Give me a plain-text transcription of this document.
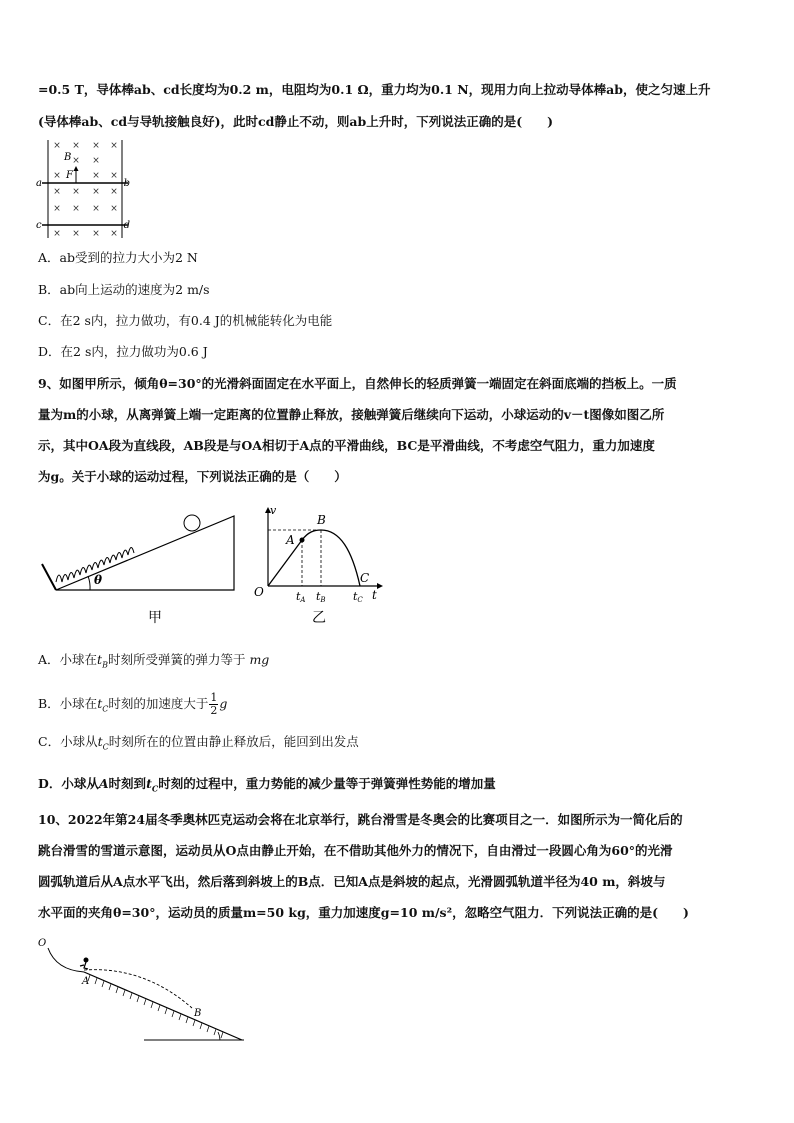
=0.5 T，导体棒ab、cd长度均为0.2 m，电阻均为0.1 Ω，重力均为0.1 N，现用力向上拉动导体棒ab，使之匀速上升
(导体棒ab、cd与导轨接触良好)，此时cd静止不动，则ab上升时，下列说法正确的是(　　)
× × × ×
× ×
×	× ×
× × × ×
× × × ×
× × × ×
B
F
a	b
c	d
A．ab受到的拉力大小为2 N
B．ab向上运动的速度为2 m/s
C．在2 s内，拉力做功，有0.4 J的机械能转化为电能
D．在2 s内，拉力做功为0.6 J
9、如图甲所示，倾角θ=30°的光滑斜面固定在水平面上，自然伸长的轻质弹簧一端固定在斜面底端的挡板上。一质
量为m的小球，从离弹簧上端一定距离的位置静止释放，接触弹簧后继续向下运动，小球运动的v－t图像如图乙所
示，其中OA段为直线段，AB段是与OA相切于A点的平滑曲线，BC是平滑曲线，不考虑空气阻力，重力加速度
为g。关于小球的运动过程，下列说法正确的是（　　）
θ
甲
v
t
O
A
B
C
tA tB tC
乙
A．小球在$t_B$时刻所受弹簧的弹力等于 mg
B．小球在$t_C$时刻的加速度大于 $\frac{1}{2}$ g
C．小球从$t_C$时刻所在的位置由静止释放后，能回到出发点
D．小球从A时刻到$t_C$时刻的过程中，重力势能的减少量等于弹簧弹性势能的增加量
10、2022年第24届冬季奥林匹克运动会将在北京举行，跳台滑雪是冬奥会的比赛项目之一．如图所示为一简化后的
跳台滑雪的雪道示意图，运动员从O点由静止开始，在不借助其他外力的情况下，自由滑过一段圆心角为60°的光滑
圆弧轨道后从A点水平飞出，然后落到斜坡上的B点．已知A点是斜坡的起点，光滑圆弧轨道半径为40 m，斜坡与
水平面的夹角θ=30°，运动员的质量m=50 kg，重力加速度g=10 m/s²，忽略空气阻力．下列说法正确的是(　　)
O
A
B
